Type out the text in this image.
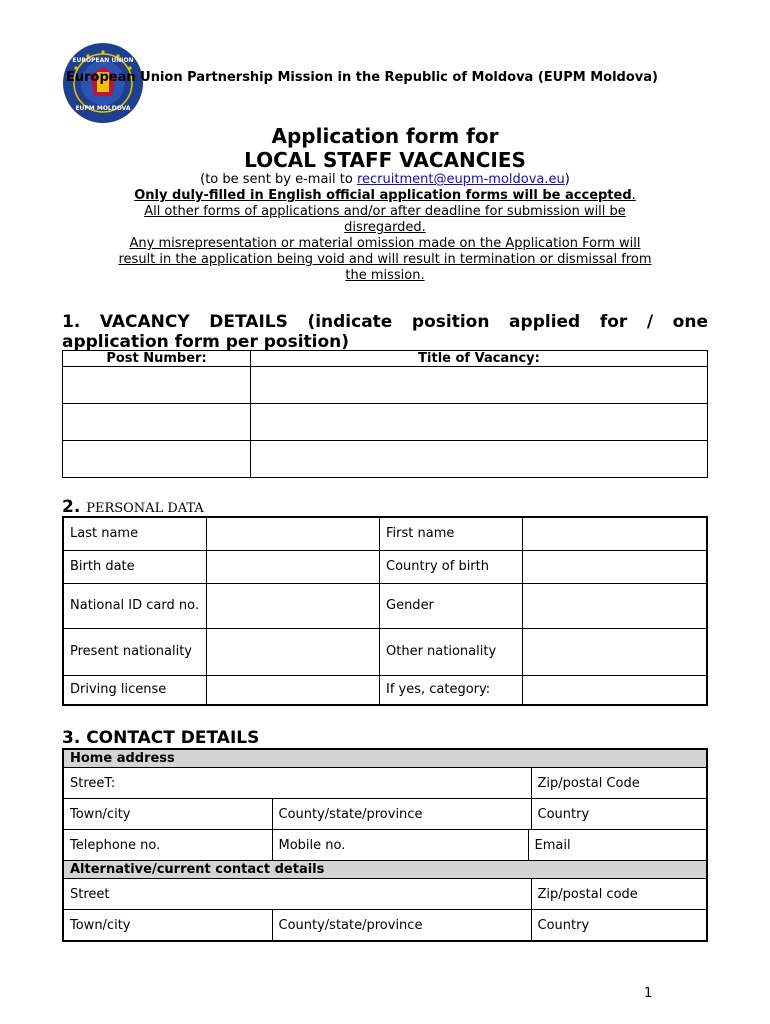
EUROPEAN UNION
EUPM MOLDOVA
European Union Partnership Mission in the Republic of Moldova (EUPM Moldova)
Application form for
LOCAL STAFF VACANCIES
(to be sent by e-mail to recruitment@eupm-moldova.eu)
Only duly-filled in English official application forms will be accepted.
All other forms of applications and/or after deadline for submission will be disregarded.
Any misrepresentation or material omission made on the Application Form will result in the application being void and will result in termination or dismissal from the mission.
1. VACANCY DETAILS (indicate position applied for / one application form per position)
Post Number:	Title of Vacancy:

2. PERSONAL DATA
Last name		First name	
Birth date		Country of birth	
National ID card no.		Gender	
Present nationality		Other nationality	
Driving license		If yes, category:	
3. CONTACT DETAILS
Home address			
StreeT:			Zip/postal Code
Town/city	County/state/province		Country
Telephone no.	Mobile no.	Email	
Alternative/current contact details			
Street			Zip/postal code
Town/city	County/state/province		Country
1
